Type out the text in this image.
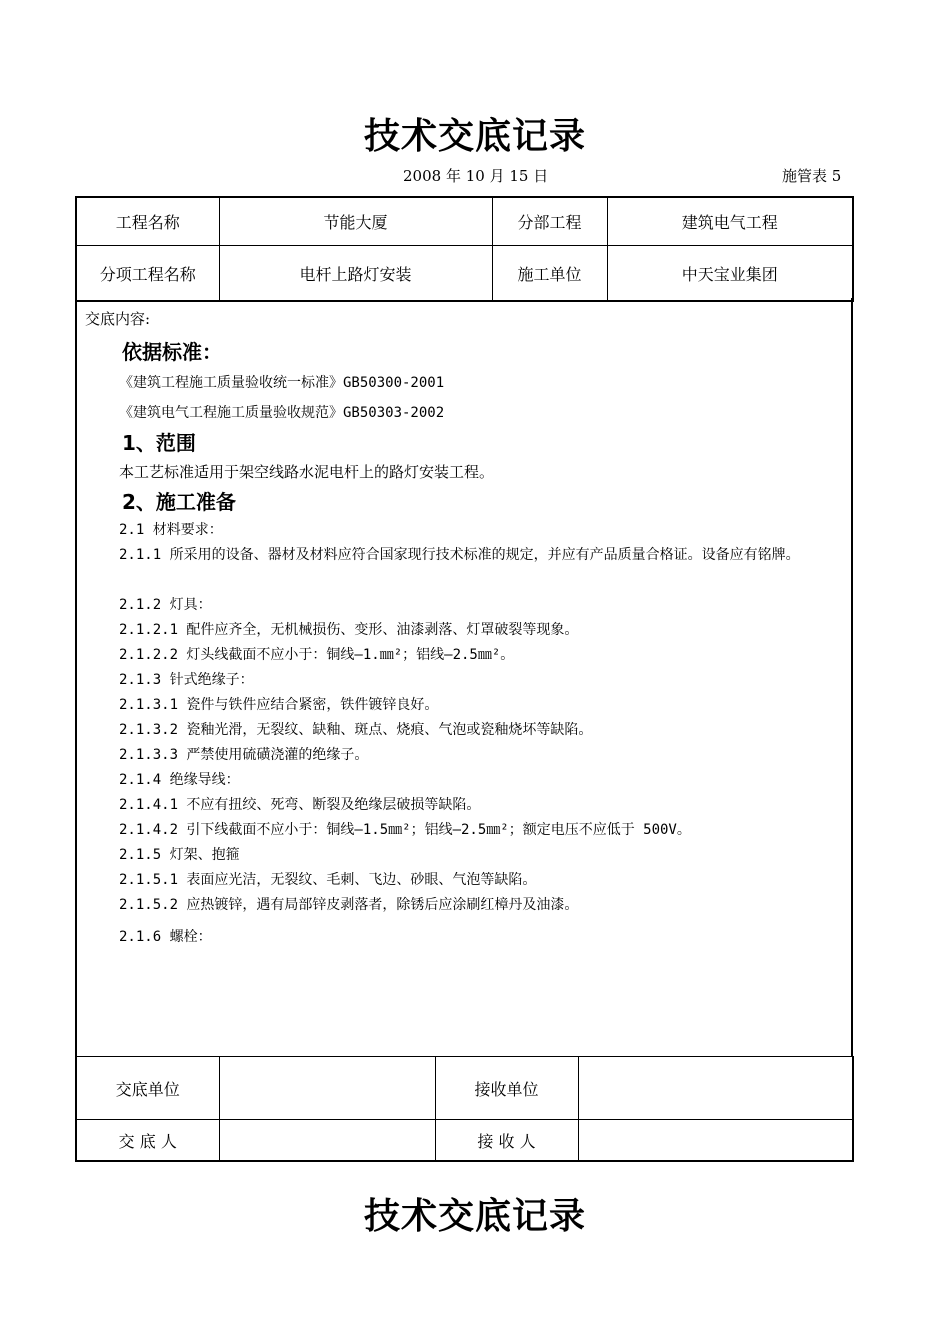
技术交底记录
2008 年 10 月 15 日	施管表 5
工程名称	节能大厦	分部工程	建筑电气工程
分项工程名称	电杆上路灯安装	施工单位	中天宝业集团
交底内容:
依据标准：
《建筑工程施工质量验收统一标准》GB50300-2001
《建筑电气工程施工质量验收规范》GB50303-2002
1、范围
本工艺标准适用于架空线路水泥电杆上的路灯安装工程。
2、施工准备
2.1 材料要求：
2.1.1 所采用的设备、器材及材料应符合国家现行技术标准的规定，并应有产品质量合格证。设备应有铭牌。
2.1.2 灯具：
2.1.2.1 配件应齐全，无机械损伤、变形、油漆剥落、灯罩破裂等现象。
2.1.2.2 灯头线截面不应小于：铜线—1.㎜²；铝线—2.5㎜²。
2.1.3 针式绝缘子：
2.1.3.1 瓷件与铁件应结合紧密，铁件镀锌良好。
2.1.3.2 瓷釉光滑，无裂纹、缺釉、斑点、烧痕、气泡或瓷釉烧坏等缺陷。
2.1.3.3 严禁使用硫磺浇灌的绝缘子。
2.1.4 绝缘导线：
2.1.4.1 不应有扭绞、死弯、断裂及绝缘层破损等缺陷。
2.1.4.2 引下线截面不应小于：铜线—1.5㎜²；铝线—2.5㎜²；额定电压不应低于 500V。
2.1.5 灯架、抱箍
2.1.5.1 表面应光洁，无裂纹、毛刺、飞边、砂眼、气泡等缺陷。
2.1.5.2 应热镀锌，遇有局部锌皮剥落者，除锈后应涂刷红樟丹及油漆。
2.1.6 螺栓：
交底单位		接收单位	
交 底 人		接 收 人	
技术交底记录
